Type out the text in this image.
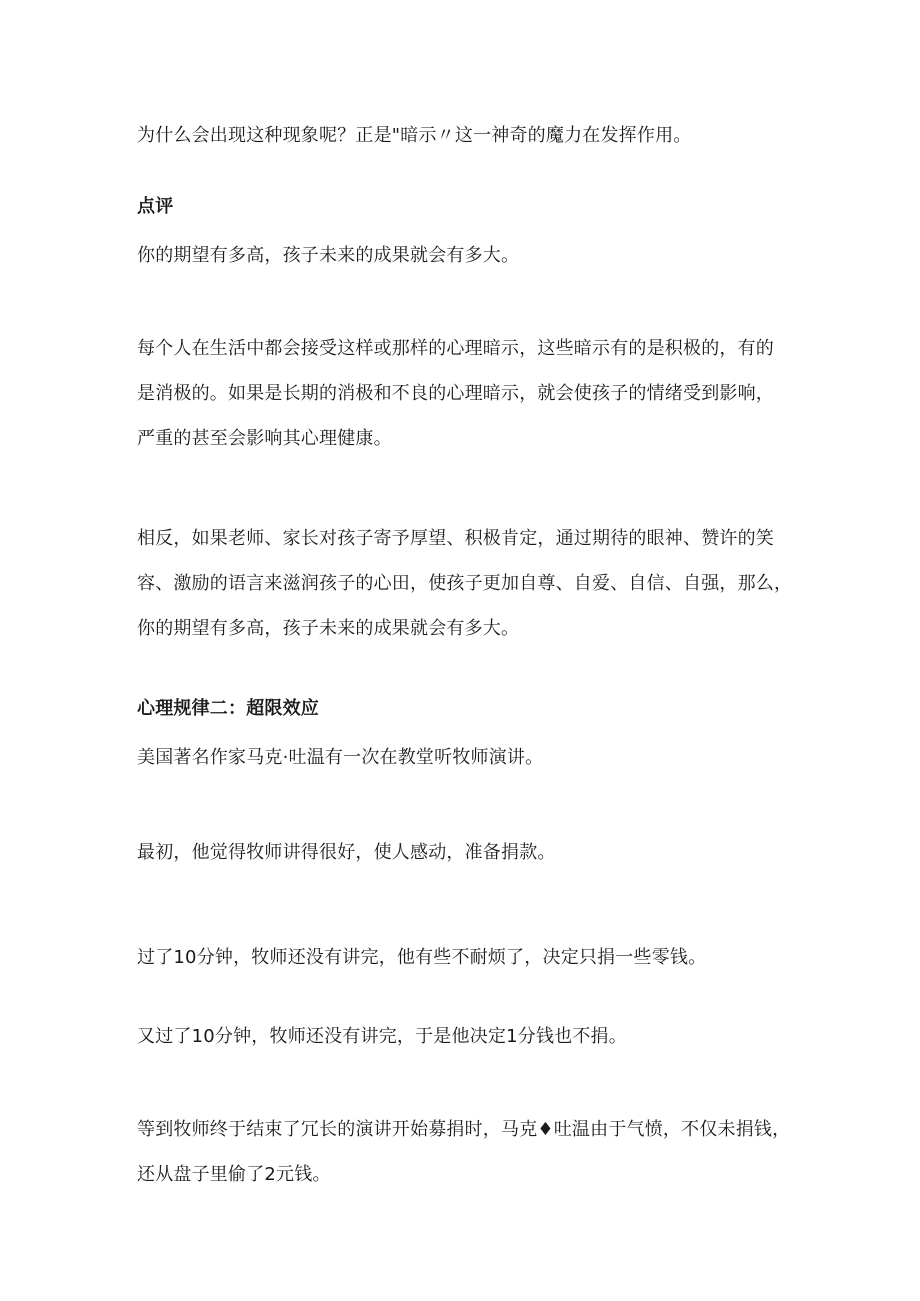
为什么会出现这种现象呢？正是"暗示〃这一神奇的魔力在发挥作用。

点评

你的期望有多高，孩子未来的成果就会有多大。

每个人在生活中都会接受这样或那样的心理暗示，这些暗示有的是积极的，有的
是消极的。如果是长期的消极和不良的心理暗示，就会使孩子的情绪受到影响，
严重的甚至会影响其心理健康。

相反，如果老师、家长对孩子寄予厚望、积极肯定，通过期待的眼神、赞许的笑
容、激励的语言来滋润孩子的心田，使孩子更加自尊、自爱、自信、自强，那么，
你的期望有多高，孩子未来的成果就会有多大。

心理规律二：超限效应

美国著名作家马克·吐温有一次在教堂听牧师演讲。

最初，他觉得牧师讲得很好，使人感动，准备捐款。

过了10分钟，牧师还没有讲完，他有些不耐烦了，决定只捐一些零钱。

又过了10分钟，牧师还没有讲完，于是他决定1分钱也不捐。

等到牧师终于结束了冗长的演讲开始募捐时，马克♦吐温由于气愤，不仅未捐钱，
还从盘子里偷了2元钱。
